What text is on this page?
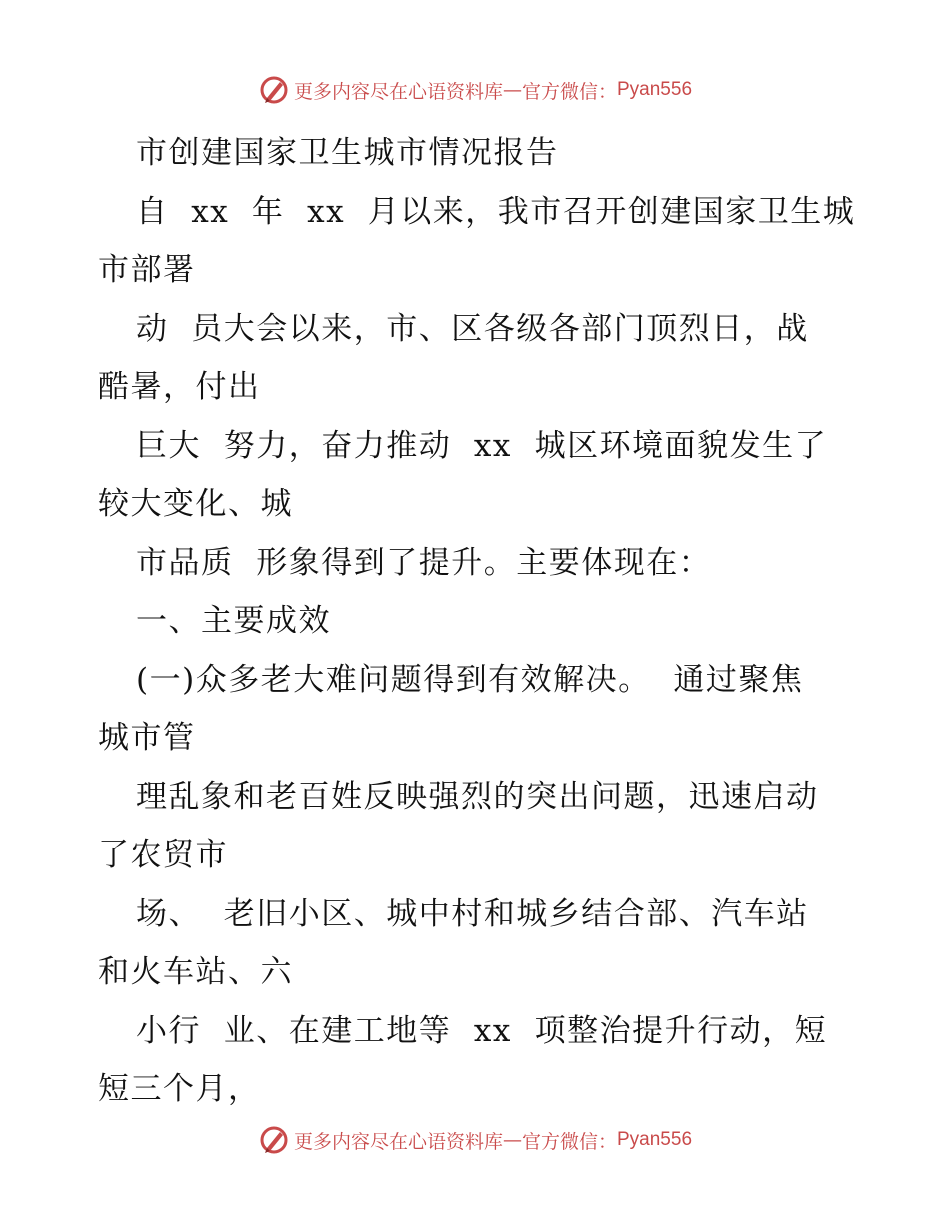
更多内容尽在心语资料库 — 官方微信： Pyan556
市创建国家卫生城市情况报告
自  xx  年  xx  月以来，我市召开创建国家卫生城
市部署
动  员大会以来，市、区各级各部门顶烈日，战
酷暑，付出
巨大  努力，奋力推动  xx  城区环境面貌发生了
较大变化、城
市品质  形象得到了提升。主要体现在：
一、主要成效
(一)众多老大难问题得到有效解决。  通过聚焦
城市管
理乱象和老百姓反映强烈的突出问题，迅速启动
了农贸市
场、  老旧小区、城中村和城乡结合部、汽车站
和火车站、六
小行  业、在建工地等  xx  项整治提升行动，短
短三个月，
更多内容尽在心语资料库 — 官方微信： Pyan556
